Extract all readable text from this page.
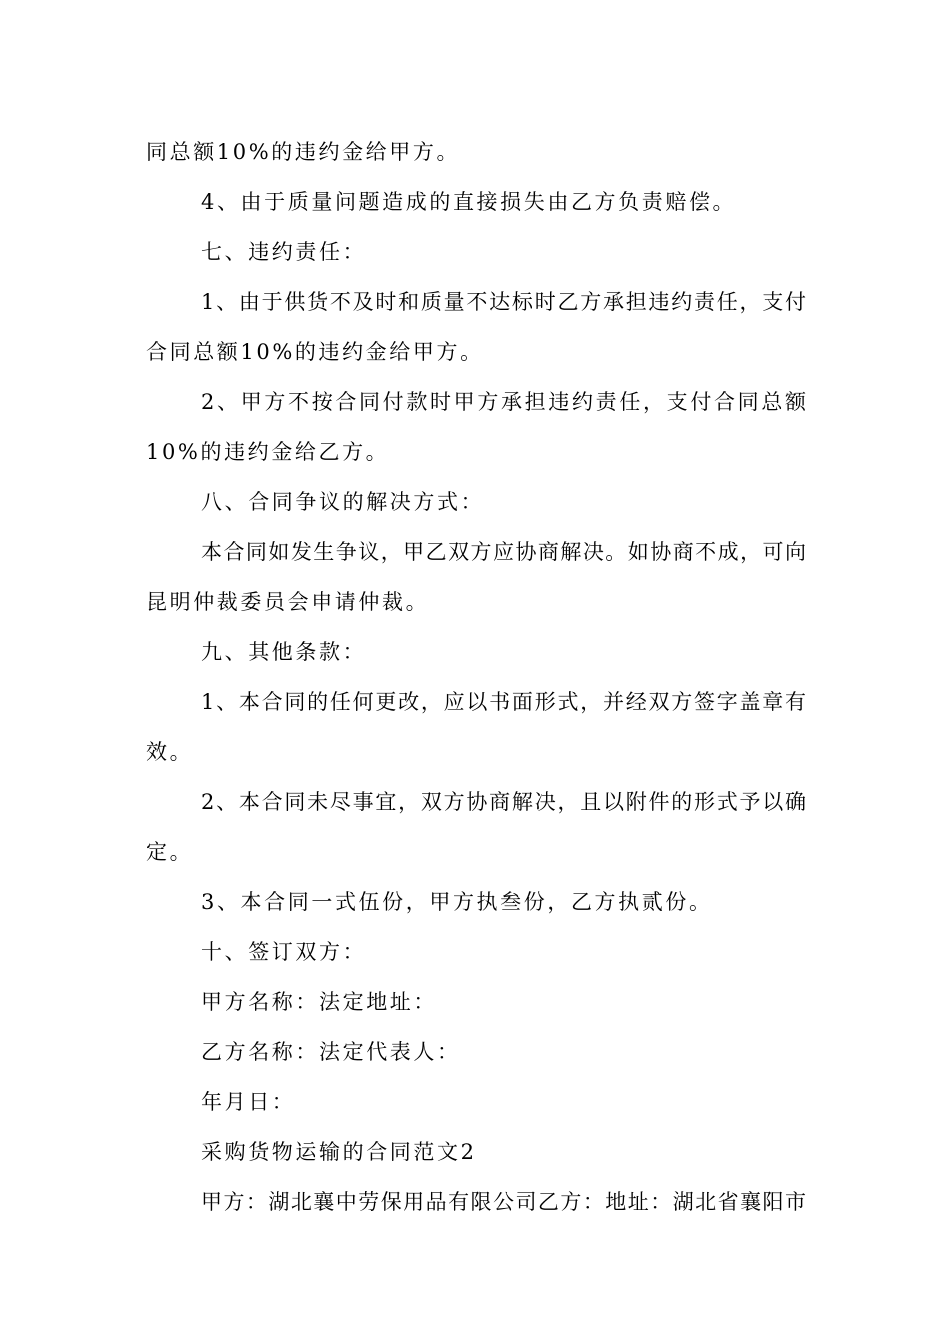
同总额10%的违约金给甲方。
4、由于质量问题造成的直接损失由乙方负责赔偿。
七、违约责任：
1、由于供货不及时和质量不达标时乙方承担违约责任，支付
合同总额10%的违约金给甲方。
2、甲方不按合同付款时甲方承担违约责任，支付合同总额
10%的违约金给乙方。
八、合同争议的解决方式：
本合同如发生争议，甲乙双方应协商解决。如协商不成，可向
昆明仲裁委员会申请仲裁。
九、其他条款：
1、本合同的任何更改，应以书面形式，并经双方签字盖章有
效。
2、本合同未尽事宜，双方协商解决，且以附件的形式予以确
定。
3、本合同一式伍份，甲方执叁份，乙方执贰份。
十、签订双方：
甲方名称：法定地址：
乙方名称：法定代表人：
年月日：
采购货物运输的合同范文2
甲方：湖北襄中劳保用品有限公司乙方：地址：湖北省襄阳市
